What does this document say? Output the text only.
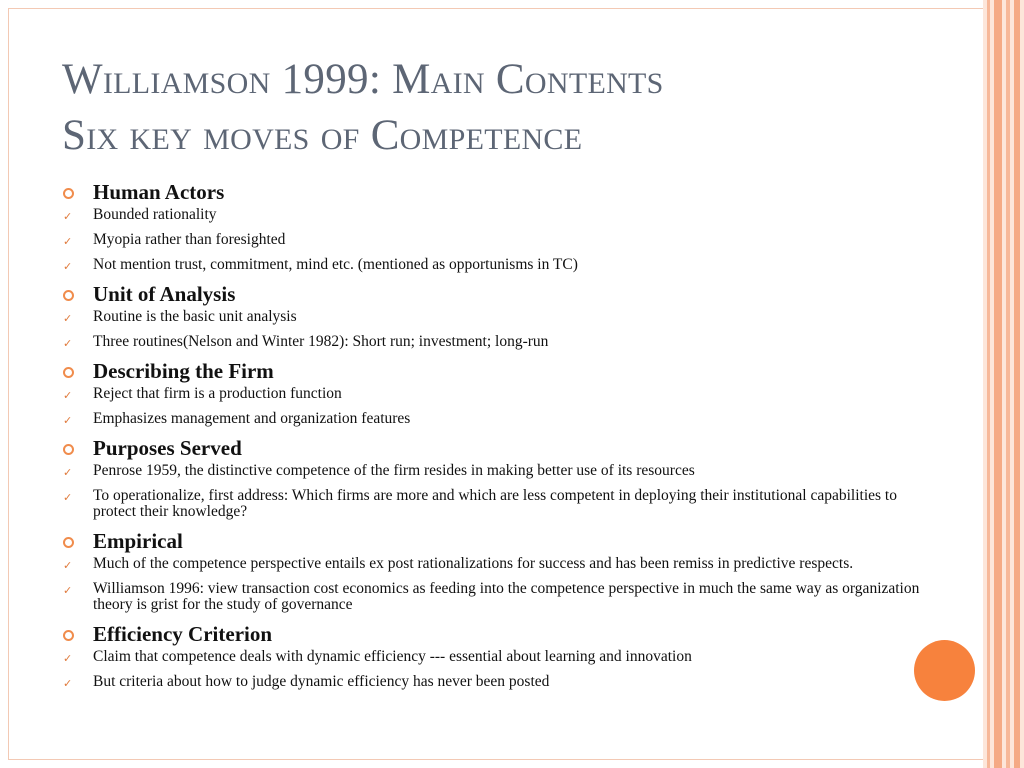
Williamson 1999: Main Contents
Six key moves of Competence
Human Actors
✓ Bounded rationality
✓ Myopia rather than foresighted
✓ Not mention trust, commitment, mind etc. (mentioned as opportunisms in TC)
Unit of Analysis
✓ Routine is the basic unit analysis
✓ Three routines(Nelson and Winter 1982): Short run; investment; long-run
Describing the Firm
✓ Reject that firm is a production function
✓ Emphasizes management and organization features
Purposes Served
✓ Penrose 1959, the distinctive competence of the firm resides in making better use of its resources
✓ To operationalize, first address: Which firms are more and which are less competent in deploying their institutional capabilities to protect their knowledge?
Empirical
✓ Much of the competence perspective entails ex post rationalizations for success and has been remiss in predictive respects.
✓ Williamson 1996: view transaction cost economics as feeding into the competence perspective in much the same way as organization theory is grist for the study of governance
Efficiency Criterion
✓ Claim that competence deals with dynamic efficiency --- essential about learning and innovation
✓ But criteria about how to judge dynamic efficiency has never been posted
